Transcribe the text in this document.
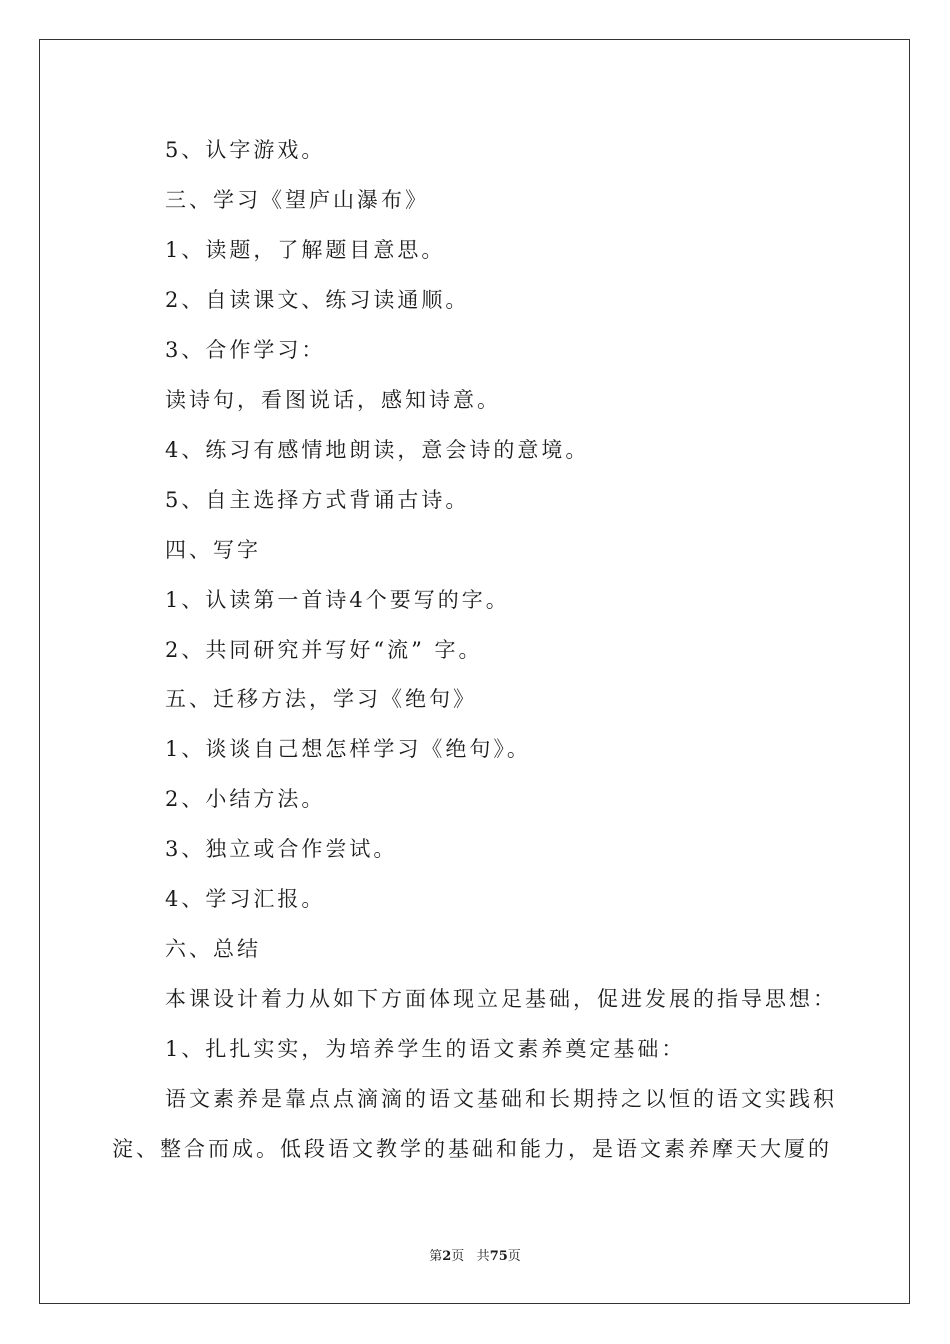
5、认字游戏。
三、学习《望庐山瀑布》
1、读题，了解题目意思。
2、自读课文、练习读通顺。
3、合作学习：
读诗句，看图说话，感知诗意。
4、练习有感情地朗读，意会诗的意境。
5、自主选择方式背诵古诗。
四、写字
1、认读第一首诗4个要写的字。
2、共同研究并写好“流” 字。
五、迁移方法，学习《绝句》
1、谈谈自己想怎样学习《绝句》。
2、小结方法。
3、独立或合作尝试。
4、学习汇报。
六、总结
本课设计着力从如下方面体现立足基础，促进发展的指导思想：
1、扎扎实实，为培养学生的语文素养奠定基础：
语文素养是靠点点滴滴的语文基础和长期持之以恒的语文实践积
淀、整合而成。低段语文教学的基础和能力，是语文素养摩天大厦的
第2页 共75页
